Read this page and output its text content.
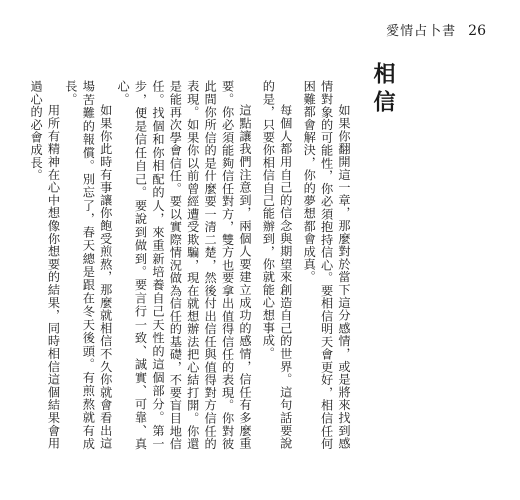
愛情占卜書 26
相信

如果你翻開這一章，那麼對於當下這分感情，或是將來找到感情對象的可能性，你必須抱持信心。要相信明天會更好，相信任何困難都會解決，你的夢想都會成真。

每個人都用自己的信念與期望來創造自己的世界。這句話要說的是，只要你相信自己能辦到，你就能心想事成。

這點讓我們注意到，兩個人要建立成功的感情，信任有多麼重要。你必須能夠信任對方，雙方也要拿出值得信任的表現。你對彼此間你所信的是什麼要一清二楚，然後付出信任與值得對方信任的表現。如果你以前曾經遭受欺騙，現在就想辦法把心結打開。你還是能再次學會信任。要以實際情況做為信任的基礎，不要盲目地信任。找個和你相配的人，來重新培養自己天性的這個部分。第一步，便是信任自己。要說到做到。要言行一致、誠實、可靠、真心。

如果你此時有事讓你飽受煎熬，那麼就相信不久你就會看出這場苦難的報償。別忘了，春天總是跟在冬天後頭。有煎熬就有成長。

用所有精神在心中想像你想要的結果，同時相信這個結果會用過心的必會成長。
